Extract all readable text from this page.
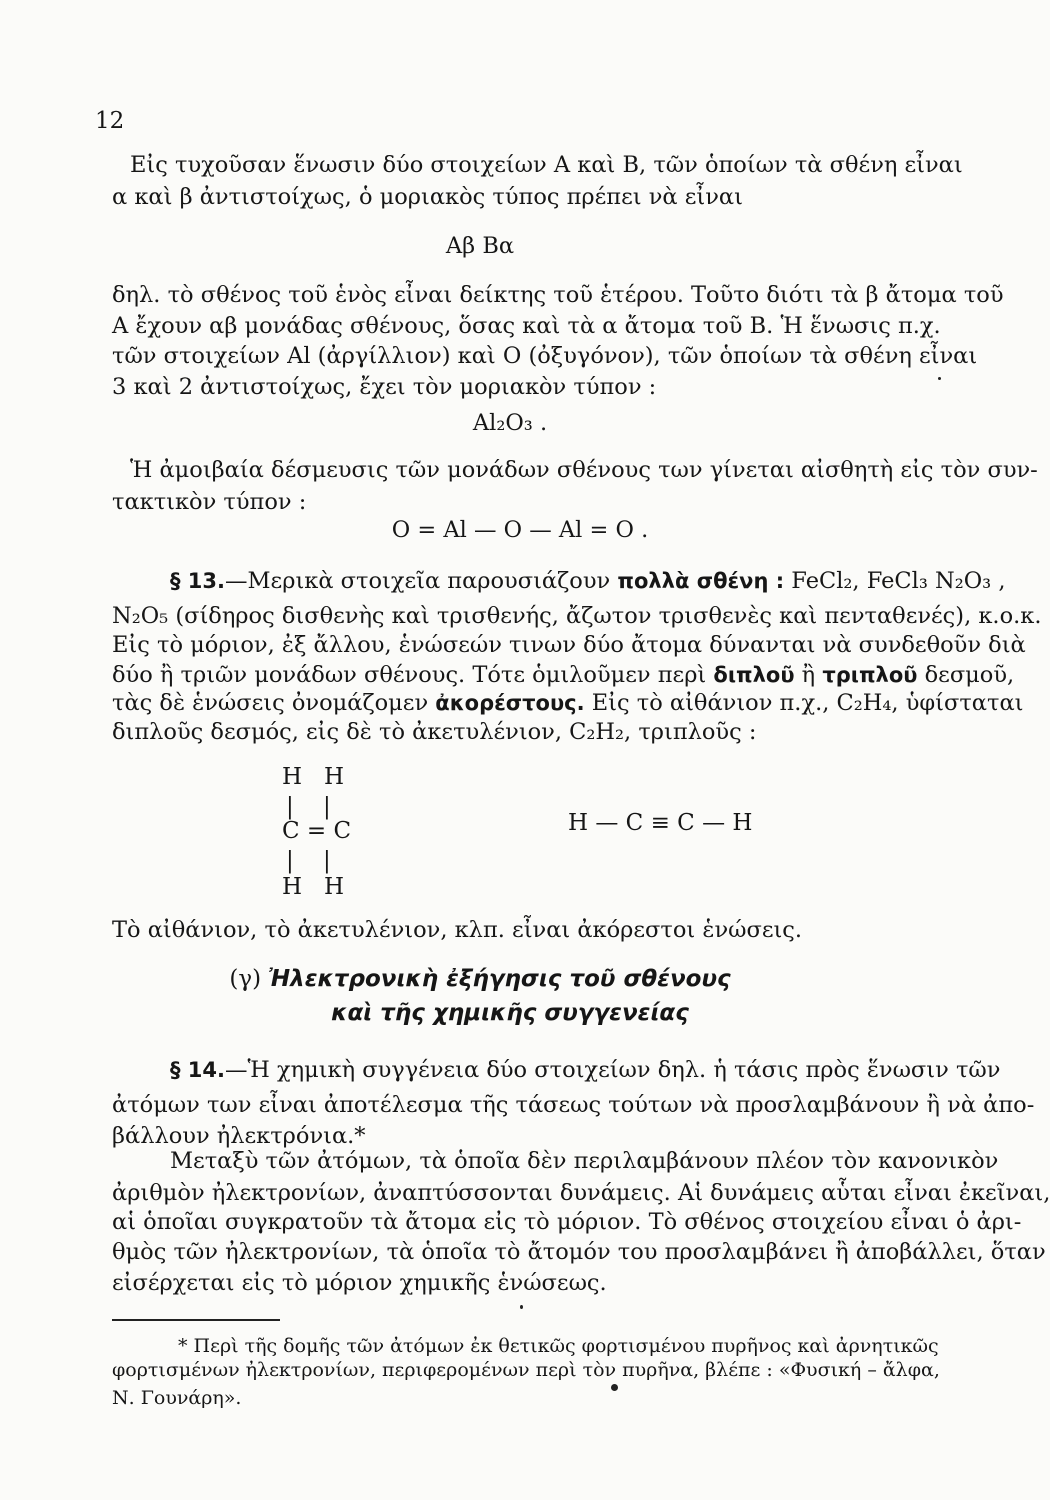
12
Εἰς τυχοῦσαν ἕνωσιν δύο στοιχείων Α καὶ Β, τῶν ὁποίων τὰ σθένη εἶναι
α καὶ β ἀντιστοίχως, ὁ μοριακὸς τύπος πρέπει νὰ εἶναι
Aβ Bα
δηλ. τὸ σθένος τοῦ ἑνὸς εἶναι δείκτης τοῦ ἑτέρου. Τοῦτο διότι τὰ β ἄτομα τοῦ
Α ἔχουν αβ μονάδας σθένους, ὅσας καὶ τὰ α ἄτομα τοῦ Β. Ἡ ἕνωσις π.χ.
τῶν στοιχείων Al (ἀργίλλιον) καὶ Ο (ὀξυγόνον), τῶν ὁποίων τὰ σθένη εἶναι
3 καὶ 2 ἀντιστοίχως, ἔχει τὸν μοριακὸν τύπον :
Al₂O₃ .
Ἡ ἀμοιβαία δέσμευσις τῶν μονάδων σθένους των γίνεται αἰσθητὴ εἰς τὸν συν-
τακτικὸν τύπον :
O = Al — O — Al = O .
§ 13.—Μερικὰ στοιχεῖα παρουσιάζουν πολλὰ σθένη : FeCl₂, FeCl₃ N₂O₃ ,
N₂O₅ (σίδηρος δισθενὴς καὶ τρισθενής, ἄζωτον τρισθενὲς καὶ πενταθενές), κ.ο.κ.
Εἰς τὸ μόριον, ἐξ ἄλλου, ἑνώσεών τινων δύο ἄτομα δύνανται νὰ συνδεθοῦν διὰ
δύο ἢ τριῶν μονάδων σθένους. Τότε ὁμιλοῦμεν περὶ διπλοῦ ἢ τριπλοῦ δεσμοῦ,
τὰς δὲ ἑνώσεις ὀνομάζομεν ἀκορέστους. Εἰς τὸ αἰθάνιον π.χ., C₂H₄, ὑφίσταται
διπλοῦς δεσμός, εἰς δὲ τὸ ἀκετυλένιον, C₂H₂, τριπλοῦς :
H   H
|    |
C = C
|    |
H   H
H — C ≡ C — H
Τὸ αἰθάνιον, τὸ ἀκετυλένιον, κλπ. εἶναι ἀκόρεστοι ἑνώσεις.
(γ) Ἠλεκτρονικὴ ἐξήγησις τοῦ σθένους
καὶ τῆς χημικῆς συγγενείας
§ 14.—Ἡ χημικὴ συγγένεια δύο στοιχείων δηλ. ἡ τάσις πρὸς ἕνωσιν τῶν
ἀτόμων των εἶναι ἀποτέλεσμα τῆς τάσεως τούτων νὰ προσλαμβάνουν ἢ νὰ ἀπο-
βάλλουν ἠλεκτρόνια.*
Μεταξὺ τῶν ἀτόμων, τὰ ὁποῖα δὲν περιλαμβάνουν πλέον τὸν κανονικὸν
ἀριθμὸν ἠλεκτρονίων, ἀναπτύσσονται δυνάμεις. Αἱ δυνάμεις αὗται εἶναι ἐκεῖναι,
αἱ ὁποῖαι συγκρατοῦν τὰ ἄτομα εἰς τὸ μόριον. Τὸ σθένος στοιχείου εἶναι ὁ ἀρι-
θμὸς τῶν ἠλεκτρονίων, τὰ ὁποῖα τὸ ἄτομόν του προσλαμβάνει ἢ ἀποβάλλει, ὅταν
εἰσέρχεται εἰς τὸ μόριον χημικῆς ἑνώσεως.
* Περὶ τῆς δομῆς τῶν ἀτόμων ἐκ θετικῶς φορτισμένου πυρῆνος καὶ ἀρνητικῶς
φορτισμένων ἠλεκτρονίων, περιφερομένων περὶ τὸν πυρῆνα, βλέπε : «Φυσική – ἄλφα,
Ν. Γουνάρη».
